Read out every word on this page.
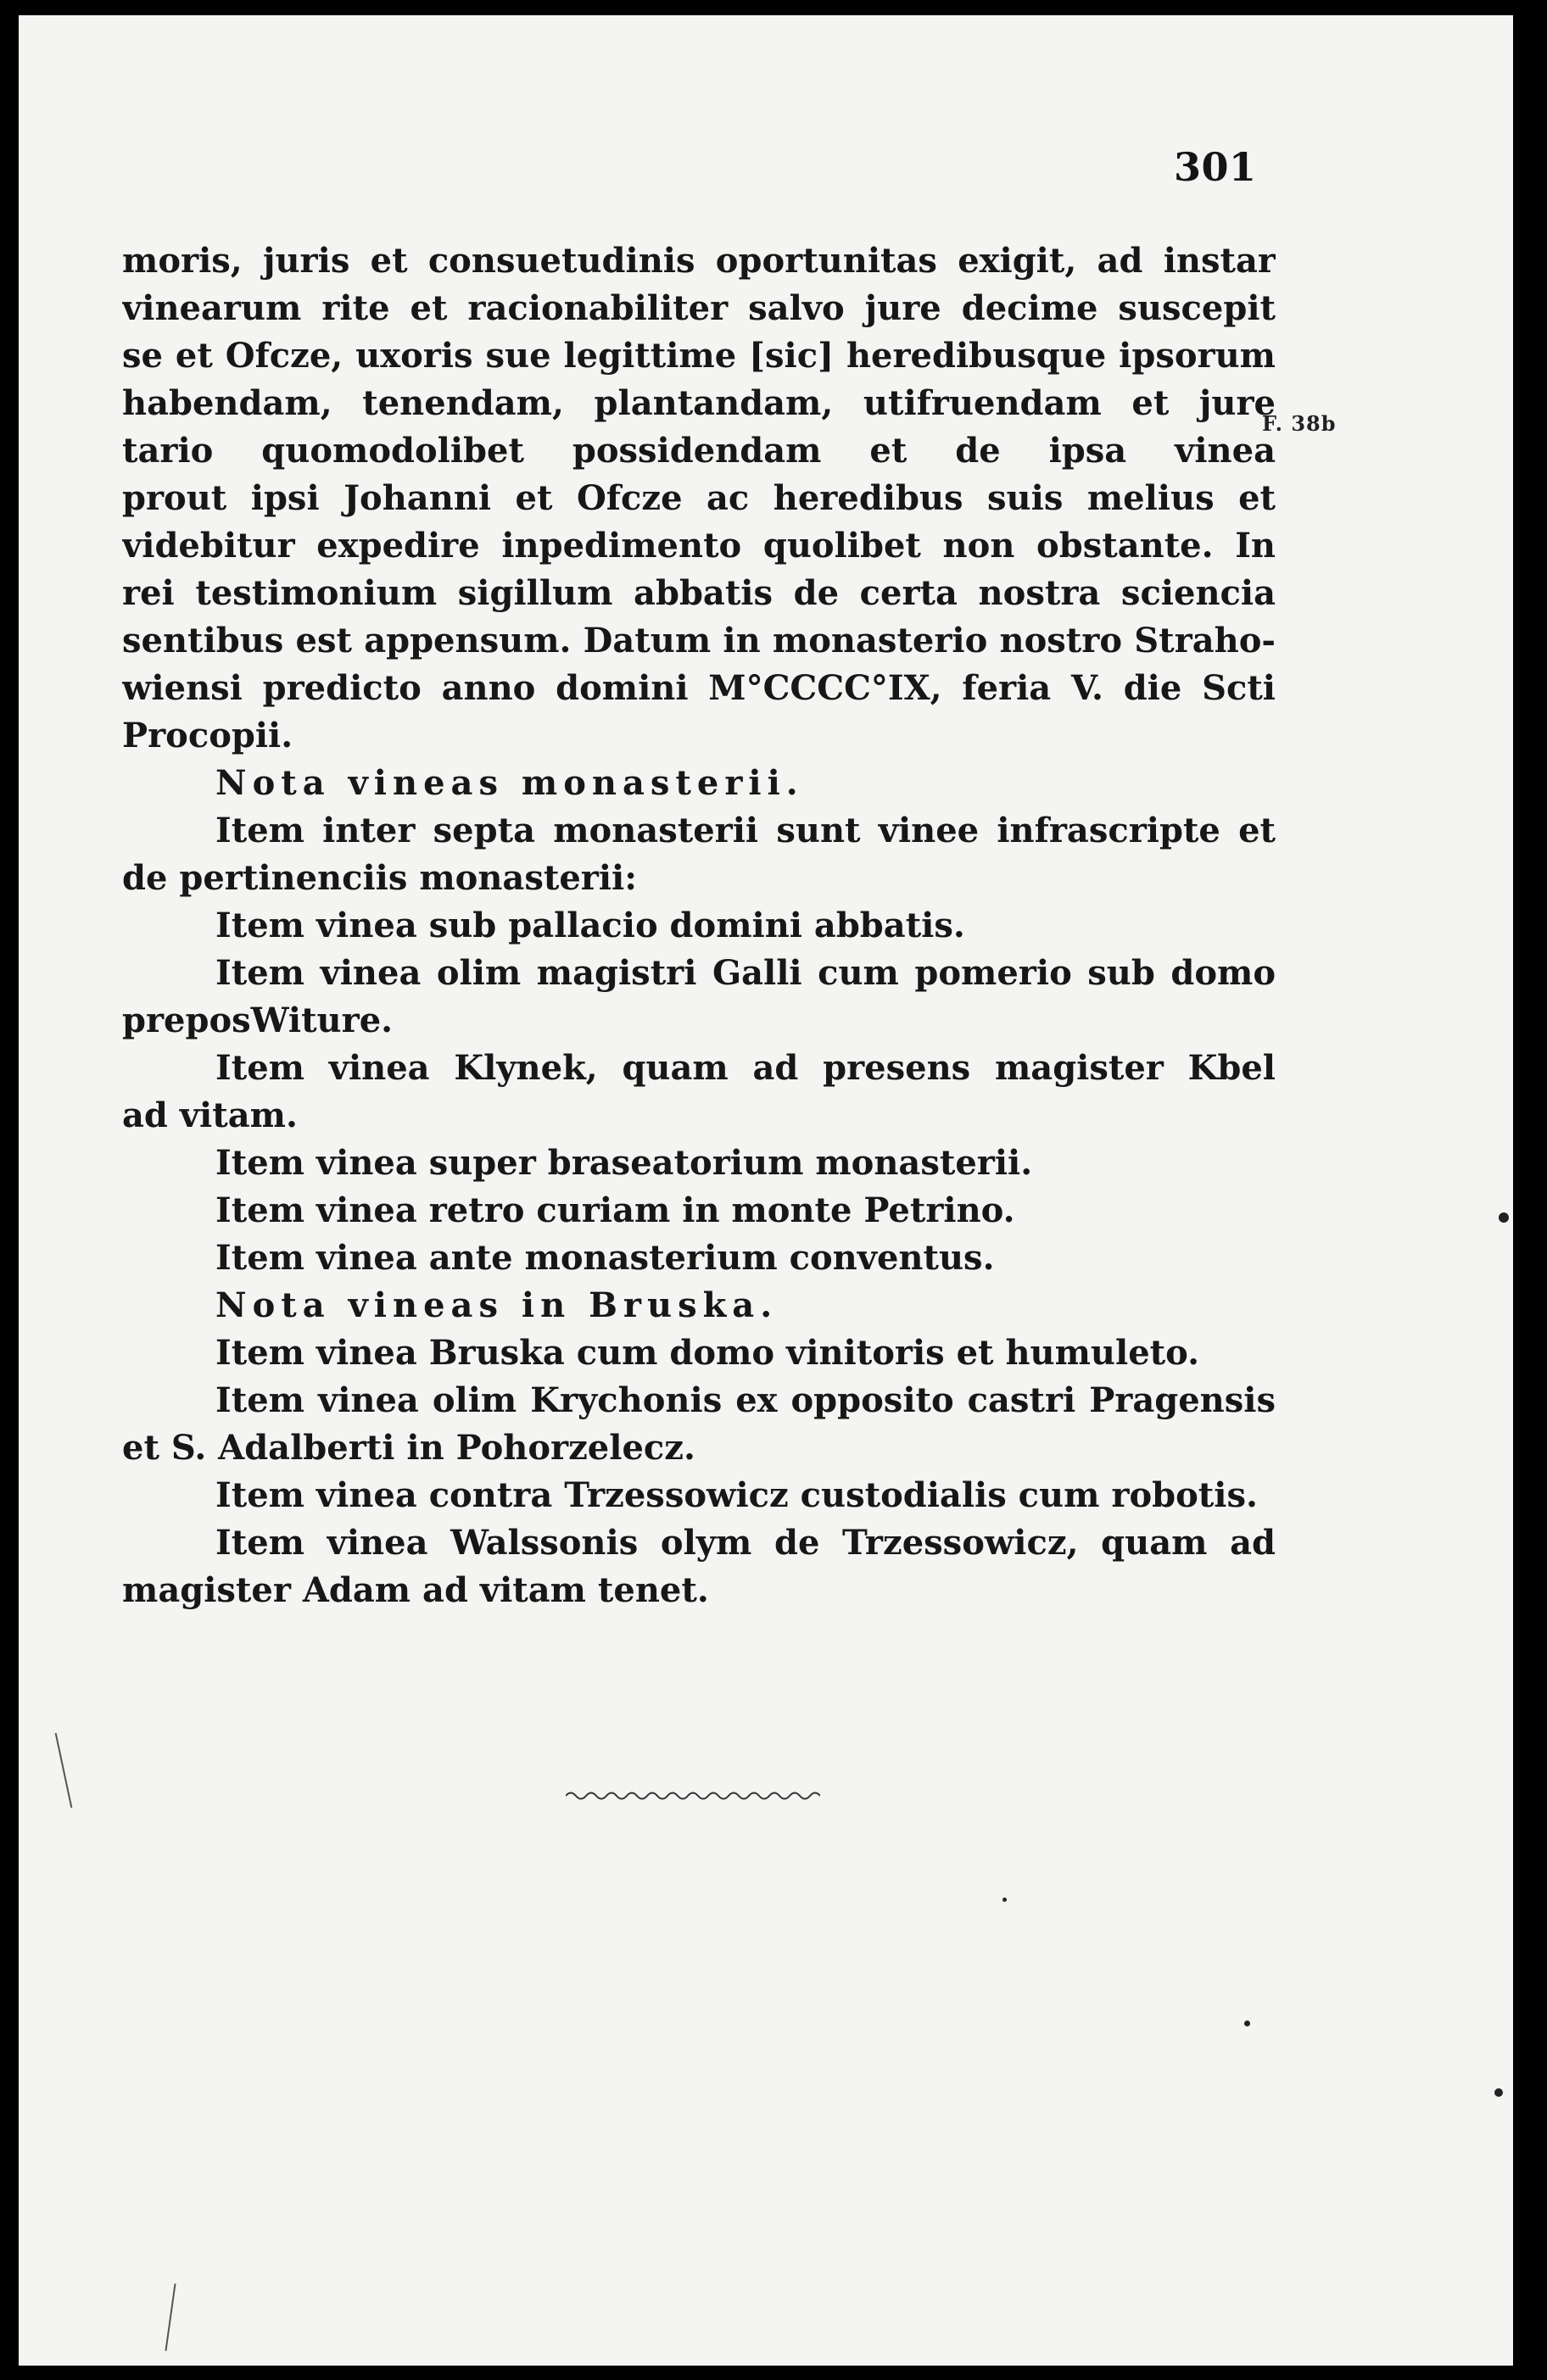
301
F. 38b
moris, juris et consuetudinis oportunitas exigit, ad instar
vinearum rite et racionabiliter salvo jure decime suscepit
se et Ofcze, uxoris sue legittime [sic] heredibusque ipsorum
habendam, tenendam, plantandam, utifruendam et jure
tario quomodolibet possidendam et de ipsa vinea
prout ipsi Johanni et Ofcze ac heredibus suis melius et
videbitur expedire inpedimento quolibet non obstante. In
rei testimonium sigillum abbatis de certa nostra sciencia
sentibus est appensum. Datum in monasterio nostro Straho-
wiensi predicto anno domini M°CCCC°IX, feria V. die Scti
Procopii.
Nota vineas monasterii.
Item inter septa monasterii sunt vinee infrascripte et
de pertinenciis monasterii:
Item vinea sub pallacio domini abbatis.
Item vinea olim magistri Galli cum pomerio sub domo
preposWiture.
Item vinea Klynek, quam ad presens magister Kbel
ad vitam.
Item vinea super braseatorium monasterii.
Item vinea retro curiam in monte Petrino.
Item vinea ante monasterium conventus.
Nota vineas in Bruska.
Item vinea Bruska cum domo vinitoris et humuleto.
Item vinea olim Krychonis ex opposito castri Pragensis
et S. Adalberti in Pohorzelecz.
Item vinea contra Trzessowicz custodialis cum robotis.
Item vinea Walssonis olym de Trzessowicz, quam ad
magister Adam ad vitam tenet.
